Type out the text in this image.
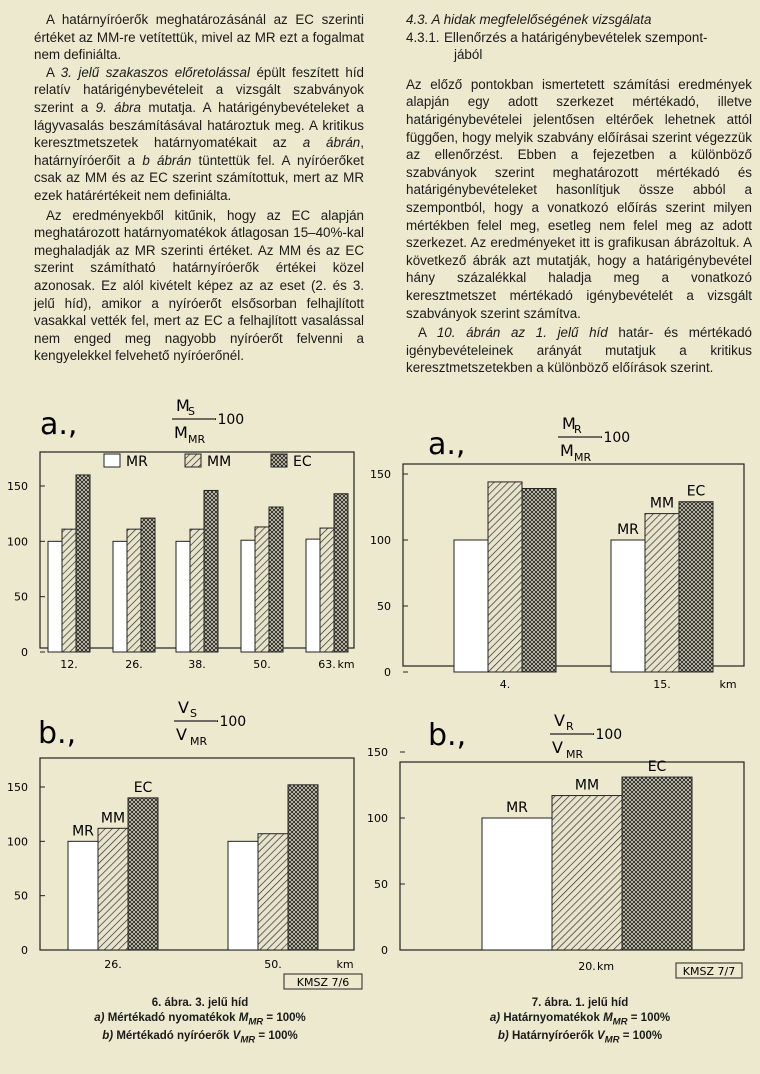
A határnyíróerők meghatározásánál az EC szerinti értéket az MM-re vetítettük, mivel az MR ezt a fogalmat nem definiálta.

A 3. jelű szakaszos előretolással épült feszített híd relatív határigénybevételeit a vizsgált szabványok szerint a 9. ábra mutatja. A határigénybevételeket a lágyvasalás beszámításával határoztuk meg. A kritikus keresztmetszetek határnyomatékait az a ábrán, határnyíróerőit a b ábrán tüntettük fel. A nyíróerőket csak az MM és az EC szerint számítottuk, mert az MR ezek határértékeit nem definiálta.

Az eredményekből kitűnik, hogy az EC alapján meghatározott határnyomatékok átlagosan 15–40%-kal meghaladják az MR szerinti értéket. Az MM és az EC szerint számítható határnyíróerők értékei közel azonosak. Ez alól kivételt képez az az eset (2. és 3. jelű híd), amikor a nyíróerőt elsősorban felhajlított vasakkal vették fel, mert az EC a felhajlított vasalással nem enged meg nagyobb nyíróerőt felvenni a kengyelekkel felvehető nyíróerőnél.

4.3. A hidak megfelelőségének vizsgálata

4.3.1. Ellenőrzés a határigénybevételek szempont-
jából

Az előző pontokban ismertetett számítási eredmények alapján egy adott szerkezet mértékadó, illetve határigénybevételei jelentősen eltérőek lehetnek attól függően, hogy melyik szabvány előírásai szerint végezzük az ellenőrzést. Ebben a fejezetben a különböző szabványok szerint meghatározott mértékadó és határigénybevételeket hasonlítjuk össze abból a szempontból, hogy a vonatkozó előírás szerint milyen mértékben felel meg, esetleg nem felel meg az adott szerkezet. Az eredményeket itt is grafikusan ábrázoltuk. A következő ábrák azt mutatják, hogy a határigénybevétel hány százalékkal haladja meg a vonatkozó keresztmetszet mértékadó igénybevételét a vizsgált szabványok szerint számítva.

A 10. ábrán az 1. jelű híd határ- és mértékadó igénybevételeinek arányát mutatjuk a kritikus keresztmetszetekben a különböző előírások szerint.

0
50
100
150
12.	26.	38.	50.	63. km
a.,
M
S
M MR
·100
MR	MM	EC
0
50
100
150
MR
MM
EC
26.	50.	km
b.,
V S
V MR
·100
0
50
100
150
4.
MR
MM
EC
15.	km
a.,
M
R
M MR
·100
0
50
100
150
MR
MM
EC
20. km
b.,	V R
V MR
·100
KMSZ 7/6
KMSZ 7/7
6. ábra. 3. jelű híd
a) Mértékadó nyomatékok $M_{MR} = 100\%$
b) Mértékadó nyíróerők $V_{MR} = 100\%$
7. ábra. 1. jelű híd
a) Határnyomatékok $M_{MR} = 100\%$
b) Határnyíróerők $V_{MR} = 100\%$
